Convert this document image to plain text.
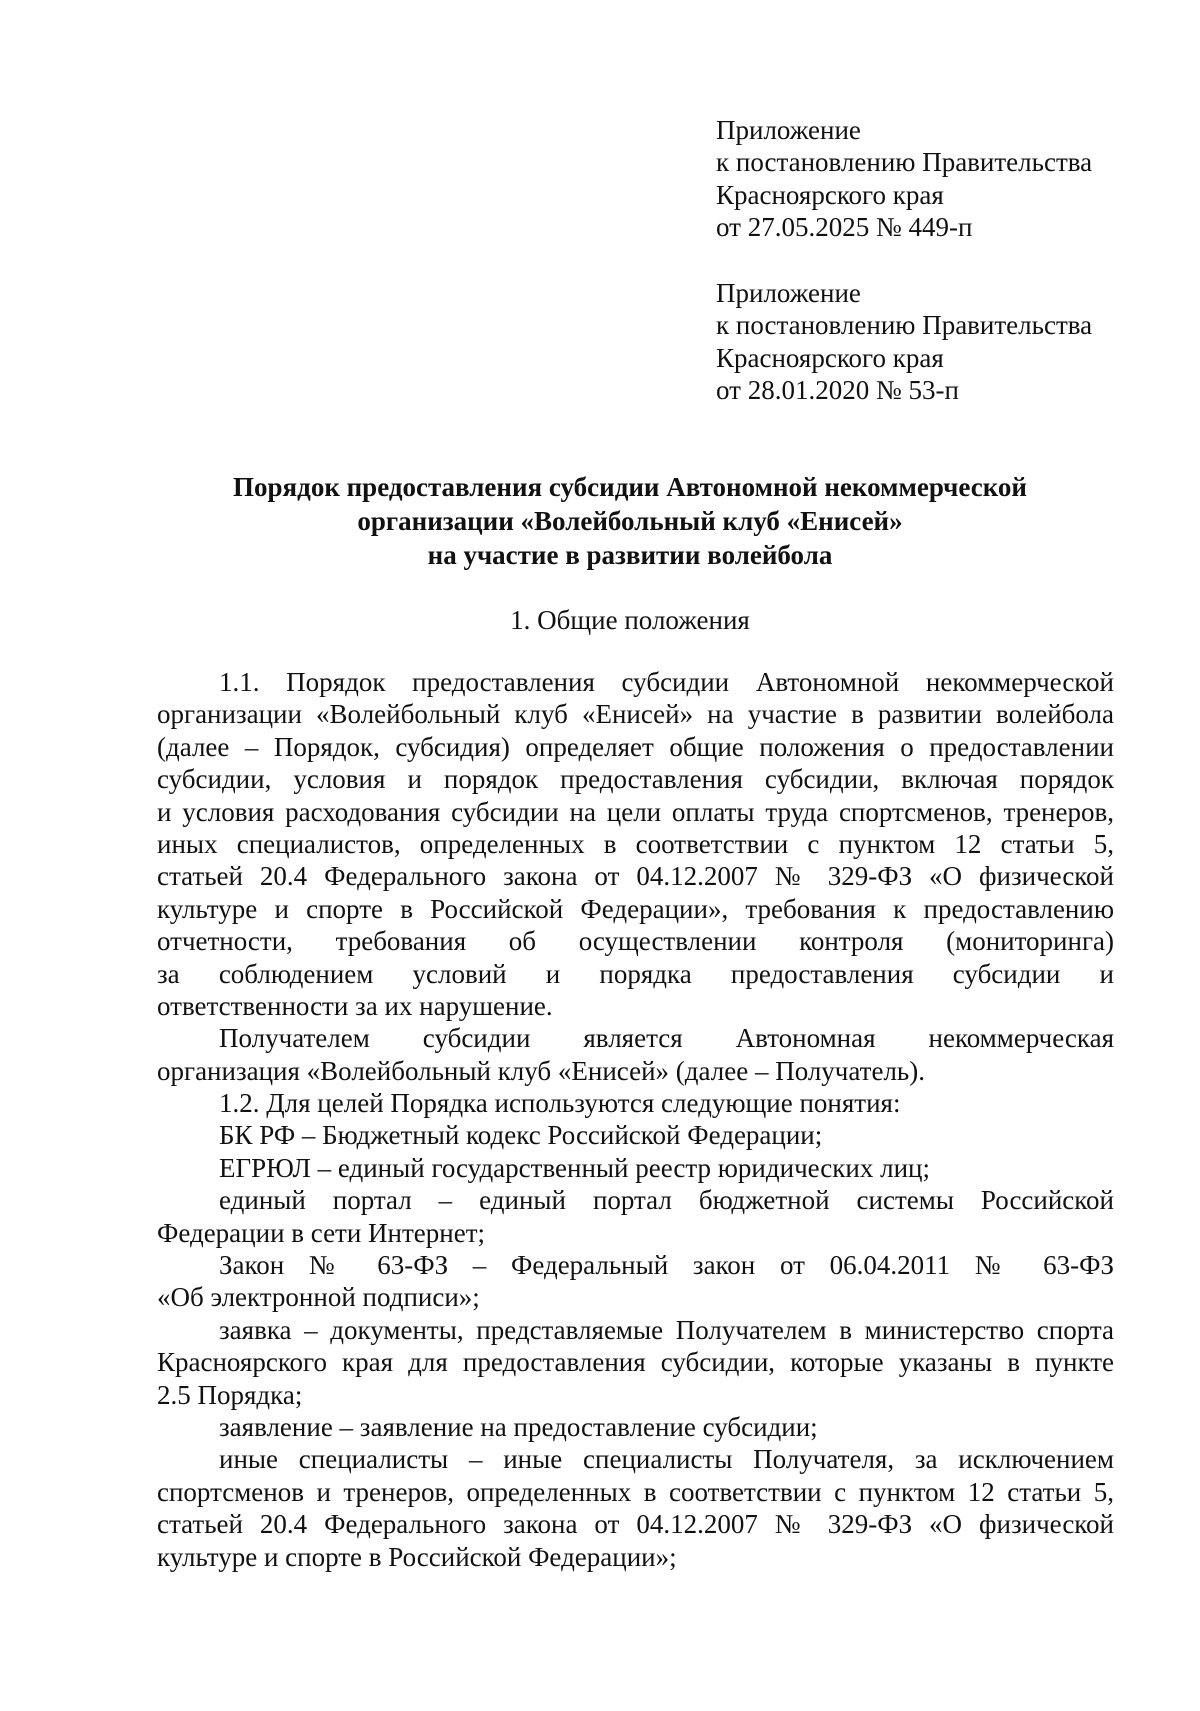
Приложение
к постановлению Правительства
Красноярского края
от 27.05.2025 № 449-п
Приложение
к постановлению Правительства
Красноярского края
от 28.01.2020 № 53-п
Порядок предоставления субсидии Автономной некоммерческой
организации «Волейбольный клуб «Енисей»
на участие в развитии волейбола
1. Общие положения
1.1. Порядок предоставления субсидии Автономной некоммерческой
организации «Волейбольный клуб «Енисей» на участие в развитии волейбола
(далее – Порядок, субсидия) определяет общие положения о предоставлении
субсидии, условия и порядок предоставления субсидии, включая порядок
и условия расходования субсидии на цели оплаты труда спортсменов, тренеров,
иных специалистов, определенных в соответствии с пунктом 12 статьи 5,
статьей 20.4 Федерального закона от 04.12.2007 № 329-ФЗ «О физической
культуре и спорте в Российской Федерации», требования к предоставлению
отчетности, требования об осуществлении контроля (мониторинга)
за соблюдением условий и порядка предоставления субсидии и
ответственности за их нарушение.
Получателем субсидии является Автономная некоммерческая
организация «Волейбольный клуб «Енисей» (далее – Получатель).
1.2. Для целей Порядка используются следующие понятия:
БК РФ – Бюджетный кодекс Российской Федерации;
ЕГРЮЛ – единый государственный реестр юридических лиц;
единый портал – единый портал бюджетной системы Российской
Федерации в сети Интернет;
Закон № 63-ФЗ – Федеральный закон от 06.04.2011 № 63-ФЗ
«Об электронной подписи»;
заявка – документы, представляемые Получателем в министерство спорта
Красноярского края для предоставления субсидии, которые указаны в пункте
2.5 Порядка;
заявление – заявление на предоставление субсидии;
иные специалисты – иные специалисты Получателя, за исключением
спортсменов и тренеров, определенных в соответствии с пунктом 12 статьи 5,
статьей 20.4 Федерального закона от 04.12.2007 № 329-ФЗ «О физической
культуре и спорте в Российской Федерации»;
